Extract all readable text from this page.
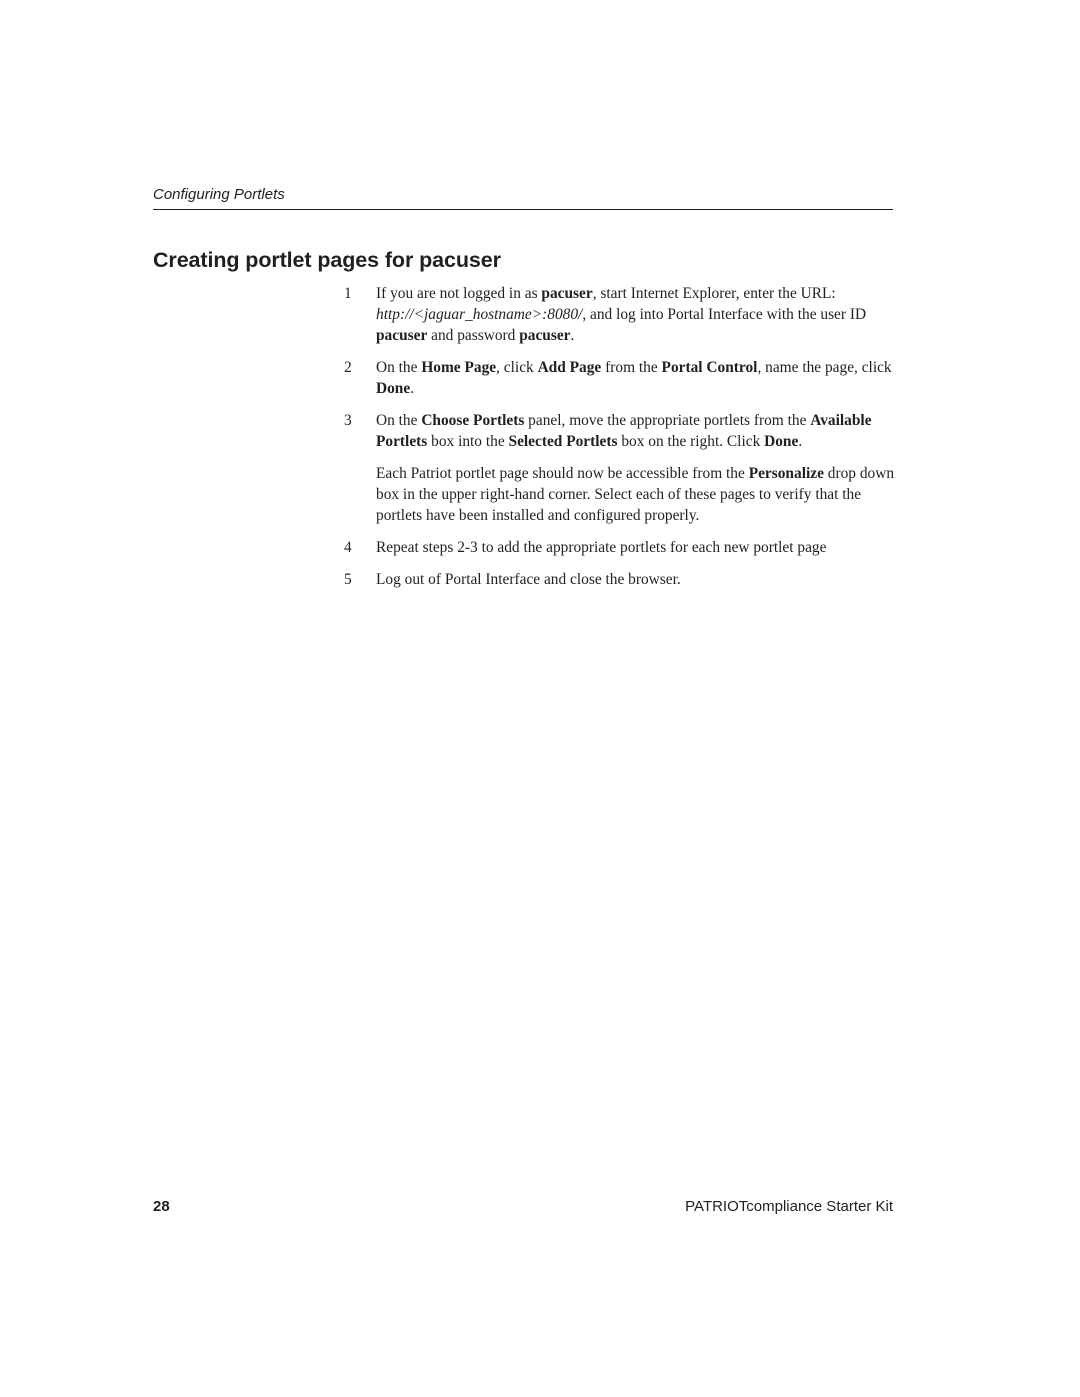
Configuring Portlets
Creating portlet pages for pacuser
1 If you are not logged in as pacuser, start Internet Explorer, enter the URL: http://<jaguar_hostname>:8080/, and log into Portal Interface with the user ID pacuser and password pacuser.
2 On the Home Page, click Add Page from the Portal Control, name the page, click Done.
3 On the Choose Portlets panel, move the appropriate portlets from the Available Portlets box into the Selected Portlets box on the right. Click Done.
Each Patriot portlet page should now be accessible from the Personalize drop down box in the upper right-hand corner. Select each of these pages to verify that the portlets have been installed and configured properly.
4 Repeat steps 2-3 to add the appropriate portlets for each new portlet page
5 Log out of Portal Interface and close the browser.
28	PATRIOTcompliance Starter Kit
